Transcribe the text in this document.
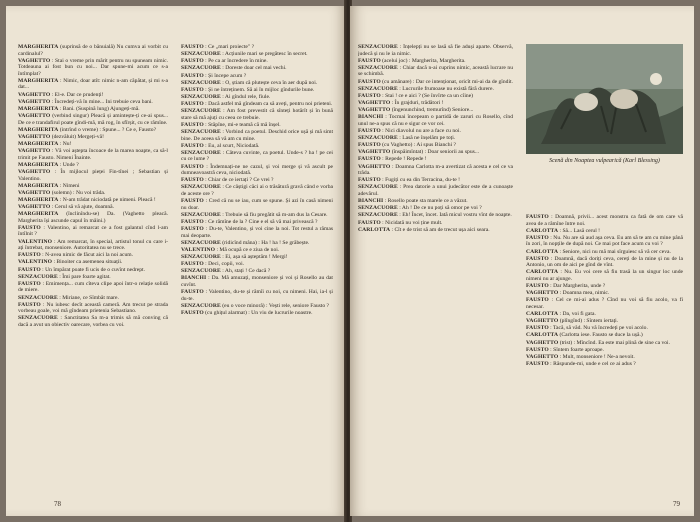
MARGHERITA (suprinsă de o bănuială) Nu cumva ai vorbit cu cardinalul?

VAGHETTO : Stai o vreme prin mărit pentru nu spuneam nimic. Totdeauna ai fost bun cu noi... Dar spune-mi acum ce s-a întîmplat?

MARGHERITA : Nimic, doar atît: nimic n-am căpătat, și mi s-a dat...

VAGHETTO : El-e. Dar ce prudenți!

VAGHETTO : Încredeți-vă în mine... Ini trebuie ceva bani.

MARGHERITA : Bani. (Suspină lung) Ajungeți-mă.

VAGHETTO (verbind singur) Pleacă și amintește-ți ce-ai spus... De ce e trandafirul poate gîndi-mă, mă rog, în sfîrșit, cu ce rămîne.

MARGHERITA (intrînd o vreme) : Spune... ? Ce e, Fausto?

VAGHETTO (dezvăluit) Mergeți-vă!

MARGHERITA : Nu!

VAGHETTO : Vă voi aștepta încoace de la marea noapte, ca să-l trimit pe Fausto. Nimeni Înainte.

MARGHERITA : Unde ?

VAGHETTO : În mijlocul pieței Fin-tînei ; Sebastian și Valentino.

MARGHERITA : Nimeni

VAGHETTO (solemn) : Nu voi trăda.

MARGHERITA : N-am trădat niciodată pe nimeni. Pleacă !

VAGHETTO : Cerul să vă ajute, doamnă.

MARGHERITA (înclinîndu-se) Da. (Vaghetto pleacă. Margherita își ascunde capul în mâini.)

FAUSTO : Valentino, ai remarcat ce a fost galantul cînd l-am întîlnit ?

VALENTINO : Am remarcat, în special, artistul tonul cu care i-ați întrebat, monseniore. Autoritatea nu se trece.

FAUSTO : N-avea nimic de făcut aici la noi acum.

VALENTINO : Binoiter ca asemenea situații.

FAUSTO : Un împărat poate fi ucis de o cuvînt nedrept.

SENZACUORE : Îmi pare foarte agitat.

FAUSTO : Emimența... cum cîteva clipe apoi într-o relație solidă de miere.

SENZACUORE : Miriane, ce Sîmbăt mare.

FAUSTO : Nu iubesc decît această cameră. Am trecut pe strada vorbeau goale, voi mă gîndeam prietenia Sebastiano.

SENZACUORE : Sanctitatea Sa m-a trimis să mă conving că dacă a avut un obiectiv oarecare, vorbea cu voi.

FAUSTO : Ce „mari proiecte" ?

SENZACUORE : Acțiunile mari se pregătesc în secret.

FAUSTO : Pe ca ar încredere în mine.

SENZACUORE : Doreste doar cel mai vechi.

FAUSTO : Și începe acum ?

SENZACUORE : O, știam că plutește ceva în aer după noi.

FAUSTO : Și ne întreținem. Să ai în mijloc gîndurile bune.

SENZACUORE : Ai gîndul rele, fiule.

FAUSTO : Dacă astfel mă gîndeam ca să aveți, pentru noi prieteni.

SENZACUORE : Am fost prevestit că sînteți hotărît și în bună stare să mă ajuți cu ceea ce trebuie.

FAUSTO : Stăpîne, mi-e teamă că mă înșel.

SENZACUORE : Vorbind ca poetul. Deschid orice ușă și mă simt bine. De aceea să vă am cu mine.

FAUSTO : Eu, al scurt, Niciodată.

SENZACUORE : Câteva cuvinte, ca poetul. Unde-s ? ha ! pe cei cu ce lume ?

FAUSTO : Îndemnați-ne ne cazul, și voi merge și vă ascult pe dumneavoastră ceva, niciodată.

FAUSTO : Chiar de ce iertați ? Ce vrei ?

SENZACUORE : Ce câștigi căci ai o trăsătură gravă când e vorba de aceste ore ?

FAUSTO : Cred că nu se iau, cum se spune. Și azi în casă nimeni nu doar.

SENZACUORE : Trebuie să fiu pregătit să m-am dus la Cesare.

FAUSTO : Ce rămîne de la ? Cine e el să vă mai privească ?

FAUSTO : Du-te, Valentino, și voi cine la noi. Tot restul a rămas mai deoparte.

SENZACUORE (ridicînd mâna) : Ha ! ha ! Se grăbește.

VALENTINO : Mă ocupă ce e ziua de noi.

SENZACUORE : Ei, așa să așteptăm ! Mergi!

FAUSTO : Deci, copii, voi.

SENZACUORE : Ah, stați ! Ce dacă ?

BIANCHI : Da. Mă amuzați, monseniore și voi și Rosello au dat cuvînt.

FAUSTO : Valentino, du-te și rămîi cu noi, cu nimeni. Hai, ia-l și du-te.

SENZACUORE (eu o voce minoră) : Vești rele, seniore Fausto ?

FAUSTO (cu ghițul alarmat) : Un viu de lucrurile noastre.

78

SENZACUORE : Înțelepți nu se lasă să fie aduși aparte. Observă, judecă și nu le ia nimic.

FAUSTO (acelui joc) : Margherita, Margherita.

SENZACUORE : Chiar dacă n-ai cuprins nimic, această lucrare nu se schimbă.

FAUSTO (cu amânare) : Dar ce intenționat, oricît mi-ai da de gîndit.

SENZACUORE : Lucrurile frumoase nu există fără durere.

FAUSTO : Stai ! ce e aici ? (Se învîrte ca un cîine)

VAGHETTO : În grajduri, trădători !

VAGHETTO (îngenunchind, tremurînd) Seniore...

BIANCHI : Tocmai începeam o partidă de zaruri cu Rosello, cînd unul ne-a spus că nu e sigur ce vor cei.

FAUSTO : Nici diavolul nu are a face cu noi.

SENZACUORE : Lasă ne înșelăm pe toți.

FAUSTO (cu Vaghetto) : Ai spus Bianchi ?

VAGHETTO (înspăimîntat) : Doar seniorii au spus...

FAUSTO : Repede ! Repede !

VAGHETTO : Doamna Carlotta m-a avertizat că acesta e cel ce va trăda.

FAUSTO : Fugiți cu ea din Terracina, du-te !

SENZACUORE : Prea datorie a unui judecător este de a cunoaște adevărul.

BIANCHI : Rosello poate sta marele ce a văzut.

SENZACUORE : Ah ! De ce nu poți să omor pe voi ?

SENZACUORE : Eh! Încet, încet. Iată micul vostru vînt de noapte.

FAUSTO : Nicidată nu voi ține mult.

CARLOTTA : Cît e de trist să am de trecut ușa aici seara.

Scenă din Noaptea vulpearică (Karl Blessing)

FAUSTO : Doamnă, privii... acest monstru ca fată de om care vă avea de a rămîne între noi.

CARLOTTA : Să... Lasă cerul !

FAUSTO : Nu. Nu are să aud așa ceva. Eu am să te am cu mine până în zori, în nopțile de după noi. Ce mai pot face acum cu voi ?

CARLOTTA : Seniore, nici nu mă mai sîrguiesc să vă cer ceva.

FAUSTO : Doamnă, dacă doriți ceva, cereți de la mine și nu de la Antonio, un om de aici pe gînd de vînt.

CARLOTTA : Nu. Eu voi cere să fiu trasă la un singur loc unde nimeni nu ar ajunge.

FAUSTO : Dar Margherita, unde ?

VAGHETTO : Doamna mea, nimic.

FAUSTO : Cel ce mi-ai adus ? Cînd nu voi să fiu acolo, va fi necesar.

CARLOTTA : Da, voi fi gata.

VAGHETTO (plîngînd) : Sîntem iertați.

FAUSTO : Tacă, să văd. Nu vă încredeți pe voi acolo.

CARLOTTA (Carlotta iese. Fausto se duce la ușă.)

VAGHETTO (trist) : Mîncînd. Ea este mai plină de sine ca voi.

FAUSTO : Sîntem foarte aproape.

VAGHETTO : Mult, monseniore ! Ne-a nevoit.

FAUSTO : Răspunde-mi, unde e cel ce ai adus ?

79
